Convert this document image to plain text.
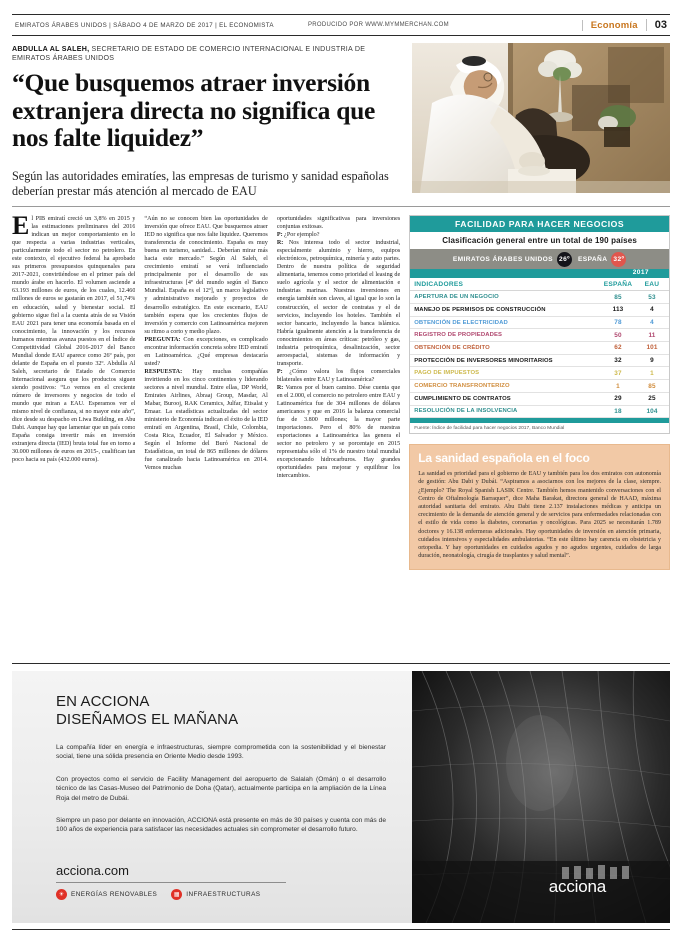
EMIRATOS ÁRABES UNIDOS | SÁBADO 4 DE MARZO DE 2017 | EL ECONOMISTA	PRODUCIDO POR WWW.MYMMERCHAN.COM	Economía	03
ABDULLA AL SALEH, SECRETARIO DE ESTADO DE COMERCIO INTERNACIONAL E INDUSTRIA DE EMIRATOS ÁRABES UNIDOS
“Que busquemos atraer inversión extranjera directa no significa que nos falte liquidez”
Según las autoridades emiratíes, las empresas de turismo y sanidad españolas deberían prestar más atención al mercado de EAU

El PIB emiratí creció un 3,8% en 2015 y las estimaciones preliminares del 2016 indican un mejor comportamiento en lo que respecta a varias industrias verticales, particularmente todo el sector no petrolero. En este contexto, el ejecutivo federal ha aprobado sus primeros presupuestos quinquenales para 2017-2021, convirtiéndose en el primer país del mundo árabe en hacerlo. El volumen asciende a 63.193 millones de euros, de los cuales, 12.460 millones de euros se gastarán en 2017, el 51,74% en educación, salud y bienestar social. El gobierno sigue fiel a la cuenta atrás de su Visión EAU 2021 para tener una economía basada en el conocimiento, la innovación y los recursos humanos mientras avanza puestos en el Índice de Competitividad Global 2016-2017 del Banco Mundial donde EAU aparece como 26º país, por delante de España en el puesto 32º. Abdulla Al Saleh, secretario de Estado de Comercio Internacional asegura que los productos siguen siendo positivos: “Lo vemos en el creciente número de inversores y negocios de todo el mundo que miran a EAU. Esperamos ver el mismo nivel de confianza, si no mayor este año”, dice desde su despacho en Liwa Building, en Abu Dabi. Aunque hay que lamentar que un país como España consiga invertir más en inversión extranjera directa (IED) bruta total fue en torno a 30.000 millones de euros en 2015-, cualifican tan poco hacia su país (432.000 euros).

“Aún no se conocen bien las oportunidades de inversión que ofrece EAU. Que busquemos atraer IED no significa que nos falte liquidez. Queremos transferencia de conocimiento. España es muy buena en turismo, sanidad... Deberían mirar más hacia este mercado.” Según Al Saleh, el crecimiento emiratí se verá influenciado principalmente por el desarrollo de sus infraestructuras [4º del mundo según el Banco Mundial. España es el 12º], un marco legislativo y administrativo mejorado y proyectos de desarrollo estratégico. En este escenario, EAU también espera que los crecientes flujos de inversión y comercio con Latinoamérica mejoren su ritmo a corto y medio plazo.

PREGUNTA: Con excepciones, es complicado encontrar información concreta sobre IED emiratí en Latinoamérica. ¿Qué empresas destacaría usted?

RESPUESTA: Hay muchas compañías invirtiendo en los cinco continentes y liderando sectores a nivel mundial. Entre ellas, DP World, Emirates Airlines, Abraaj Group, Masdar, Al Mabar, Burooj, RAK Ceramics, Julfar, Etisalat y Emaar. La estadísticas actualizadas del sector ministerio de Economía indican el éxito de la IED emiratí en Argentina, Brasil, Chile, Colombia, Costa Rica, Ecuador, El Salvador y México. Según el Informe del Buró Nacional de Estadísticas, un total de 865 millones de dólares fue canalizado hacia Latinoamérica en 2014. Vemos muchas

oportunidades significativas para inversiones conjuntas exitosas.

P: ¿Por ejemplo?

R: Nos interesa todo el sector industrial, especialmente aluminio y hierro, equipos electrónicos, petroquímica, minería y auto partes. Dentro de nuestra política de seguridad alimentaria, tenemos como prioridad el leasing de suelo agrícola y el sector de alimentación e industrias marinas. Nuestras inversiones en energía también son claves, al igual que lo son la construcción, el sector de contratas y el de servicios, incluyendo los hoteles. También el sector bancario, incluyendo la banca islámica. Habría igualmente atención a la transferencia de conocimientos en áreas críticas: petróleo y gas, industria petroquímica, desalinización, sector aeroespacial, sistemas de información y transporte.

P: ¿Cómo valora los flujos comerciales bilaterales entre EAU y Latinoamérica?

R: Vamos por el buen camino. Dése cuenta que en el 2.000, el comercio no petrolero entre EAU y Latinoamérica fue de 304 millones de dólares americanos y que en 2016 la balanza comercial fue de 3.800 millones; la mayor parte importaciones. Pero el 80% de nuestras exportaciones a Latinoamérica las genera el sector no petrolero y se porcentaje en 2015 representaba sólo el 1% de nuestro total mundial excepcionando hidrocarburos. Hay grandes oportunidades para mejorar y equilibrar los intercambios.

FACILIDAD PARA HACER NEGOCIOS
Clasificación general entre un total de 190 países
EMIRATOS ÁRABES UNIDOS 26º	ESPAÑA 32º
2017
INDICADORES	ESPAÑA	EAU
APERTURA DE UN NEGOCIO	85	53
MANEJO DE PERMISOS DE CONSTRUCCIÓN	113	4
OBTENCIÓN DE ELECTRICIDAD	78	4
REGISTRO DE PROPIEDADES	50	11
OBTENCIÓN DE CRÉDITO	62	101
PROTECCIÓN DE INVERSORES MINORITARIOS	32	9
PAGO DE IMPUESTOS	37	1
COMERCIO TRANSFRONTERIZO	1	85
CUMPLIMIENTO DE CONTRATOS	29	25
RESOLUCIÓN DE LA INSOLVENCIA	18	104
Fuente: Índice de facilidad para hacer negocios 2017, Banco Mundial
La sanidad española en el foco
La sanidad es prioridad para el gobierno de EAU y también para los dos emiratos con autonomía de gestión: Abu Dabi y Dubái. “Aspiramos a asociarnos con los mejores de la clase, siempre. ¿Ejemplo? The Royal Spanish LASIK Centre. También hemos mantenido conversaciones con el Centro de Oftalmología Barraquer”, dice Maha Barakat, directora general de HAAD, máxima autoridad sanitaria del emirato. Abu Dabi tiene 2.137 instalaciones médicas y anticipa un crecimiento de la demanda de atención general y de servicios para enfermedades relacionadas con el estilo de vida como la diabetes, coronarias y oncológicas. Para 2025 se necesitarán 1.789 doctores y 16.138 enfermeras adicionales. Hay oportunidades de inversión en atención primaria, cuidados intensivos y especialidades ambulatorias. “En este último hay carencia en obstetricia y ortopedia. Y hay oportunidades en cuidados agudos y no agudos urgentes, cuidados de larga duración, neonatología, cirugía de trasplantes y salud mental”.
 acciona
EN ACCIONA
DISEÑAMOS EL MAÑANA
La compañía líder en energía e infraestructuras, siempre comprometida con la sostenibilidad y el bienestar social, tiene una sólida presencia en Oriente Medio desde 1993.
Con proyectos como el servicio de Facility Management del aeropuerto de Salalah (Omán) o el desarrollo técnico de las Casas-Museo del Patrimonio de Doha (Qatar), actualmente participa en la ampliación de la Línea Roja del metro de Dubái.
Siempre un paso por delante en innovación, ACCIONA está presente en más de 30 países y cuenta con más de 100 años de experiencia para satisfacer las necesidades actuales sin comprometer el desarrollo futuro.
acciona.com
☀	ENERGÍAS RENOVABLES	▦	INFRAESTRUCTURAS
